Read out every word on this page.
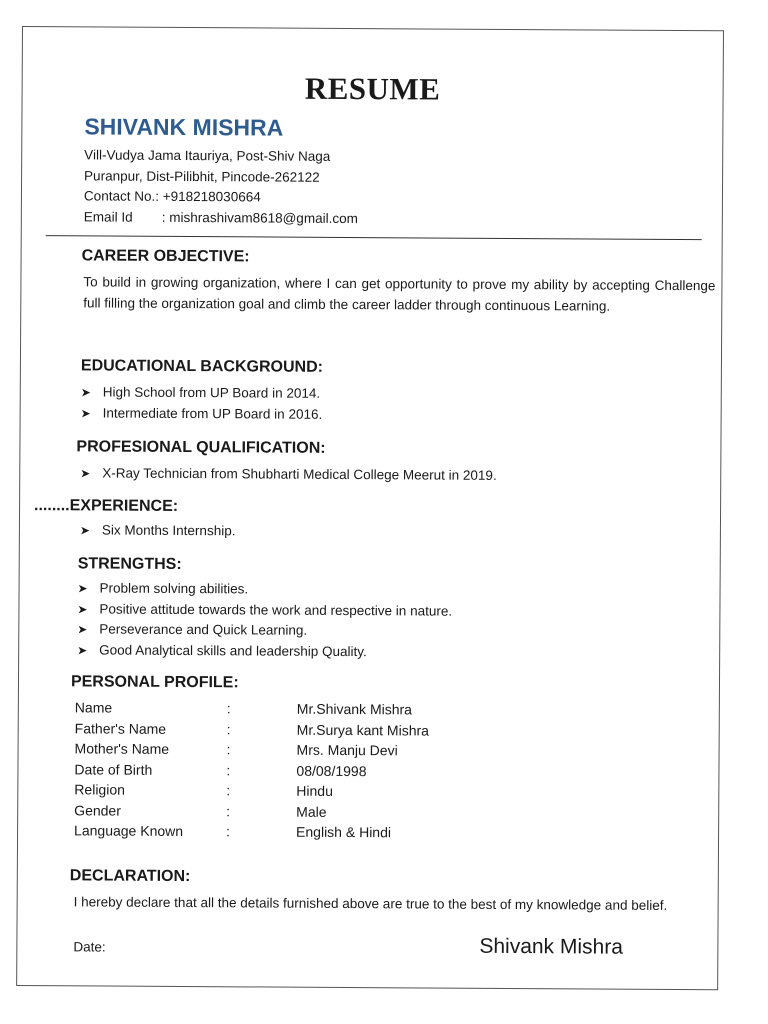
RESUME
SHIVANK MISHRA
Vill-Vudya Jama Itauriya, Post-Shiv Naga
Puranpur, Dist-Pilibhit, Pincode-262122
Contact No.: +918218030664
Email Id : mishrashivam8618@gmail.com
CAREER OBJECTIVE:
To build in growing organization, where I can get opportunity to prove my ability by accepting Challenge full filling the organization goal and climb the career ladder through continuous Learning.
EDUCATIONAL BACKGROUND:
➤ High School from UP Board in 2014.
➤ Intermediate from UP Board in 2016.
PROFESIONAL QUALIFICATION:
➤ X-Ray Technician from Shubharti Medical College Meerut in 2019.
........EXPERIENCE:
➤ Six Months Internship.
STRENGTHS:
➤ Problem solving abilities.
➤ Positive attitude towards the work and respective in nature.
➤ Perseverance and Quick Learning.
➤ Good Analytical skills and leadership Quality.
PERSONAL PROFILE:
Name	:	Mr.Shivank Mishra
Father's Name	:	Mr.Surya kant Mishra
Mother's Name	:	Mrs. Manju Devi
Date of Birth	:	08/08/1998
Religion	:	Hindu
Gender	:	Male
Language Known	:	English & Hindi
DECLARATION:
I hereby declare that all the details furnished above are true to the best of my knowledge and belief.
Date:	Shivank Mishra
